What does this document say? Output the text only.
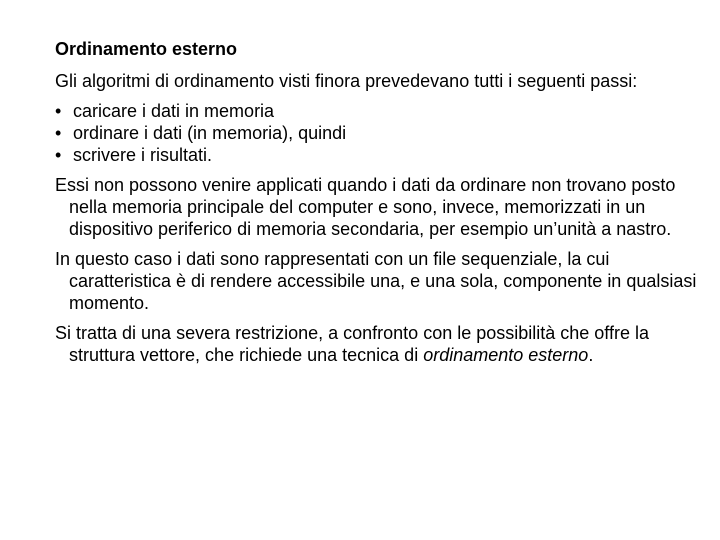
Ordinamento esterno

Gli algoritmi di ordinamento visti finora prevedevano tutti i seguenti passi:

• caricare i dati in memoria
• ordinare i dati (in memoria), quindi
• scrivere i risultati.

Essi non possono venire applicati quando i dati da ordinare non trovano posto nella memoria principale del computer e sono, invece, memorizzati in un dispositivo periferico di memoria secondaria, per esempio un’unità a nastro.

In questo caso i dati sono rappresentati con un file sequenziale, la cui caratteristica è di rendere accessibile una, e una sola, componente in qualsiasi momento.

Si tratta di una severa restrizione, a confronto con le possibilità che offre la struttura vettore, che richiede una tecnica di ordinamento esterno.
